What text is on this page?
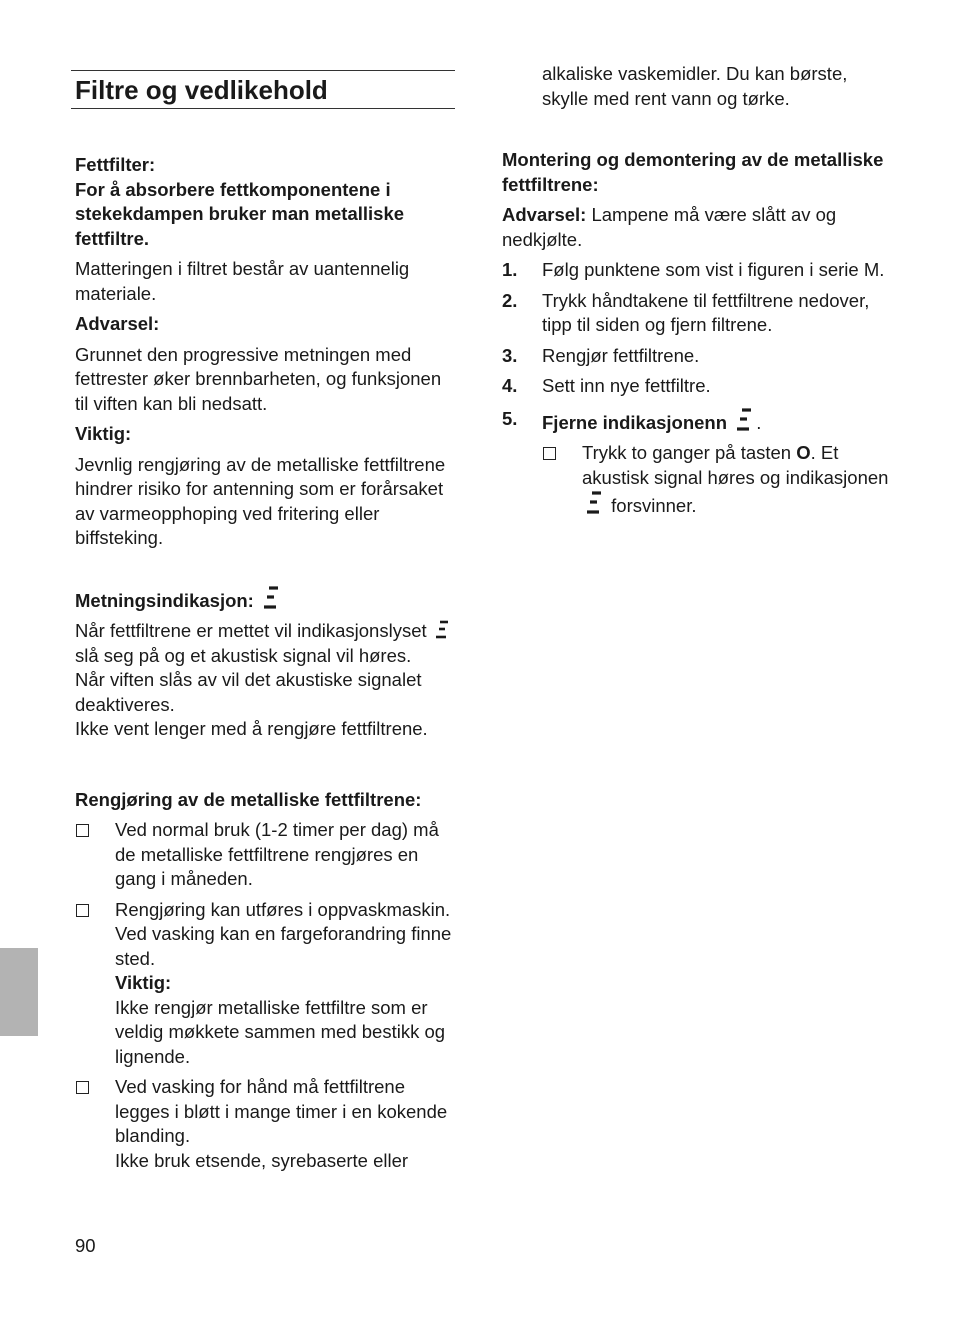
Filtre og vedlikehold
Fettfilter:

For å absorbere fettkomponentene i stekekdampen bruker man metalliske fettfiltre.

Matteringen i filtret består av uantennelig materiale.

Advarsel:

Grunnet den progressive metningen med fettrester øker brennbarheten, og funksjonen til viften kan bli nedsatt.

Viktig:

Jevnlig rengjøring av de metalliske fettfiltrene hindrer risiko for antenning som er forårsaket av varmeopphoping ved fritering eller biffsteking.

Metningsindikasjon:

Når fettfiltrene er mettet vil indikasjonslyset  slå seg på og et akustisk signal vil høres.
Når viften slås av vil det akustiske signalet deaktiveres.
Ikke vent lenger med å rengjøre fettfiltrene.

Rengjøring av de metalliske fettfiltrene:

Ved normal bruk (1-2 timer per dag) må de metalliske fettfiltrene rengjøres en gang i måneden.
Rengjøring kan utføres i oppvaskmaskin. Ved vasking kan en fargeforandring finne sted.
Viktig:
Ikke rengjør metalliske fettfiltre som er veldig møkkete sammen med bestikk og lignende.
Ved vasking for hånd må fettfiltrene legges i bløtt i mange timer i en kokende blanding.
Ikke bruk etsende, syrebaserte eller
alkaliske vaskemidler. Du kan børste, skylle med rent vann og tørke.

Montering og demontering av de metalliske fettfiltrene:

Advarsel: Lampene må være slått av og nedkjølte.

1.	Følg punktene som vist i figuren i serie M.
2.	Trykk håndtakene til fettfiltrene nedover, tipp til siden og fjern filtrene.
3.	Rengjør fettfiltrene.
4.	Sett inn nye fettfiltre.
5.	Fjerne indikasjonenn .
Trykk to ganger på tasten O. Et akustisk signal høres og indikasjonen  forsvinner.
90
